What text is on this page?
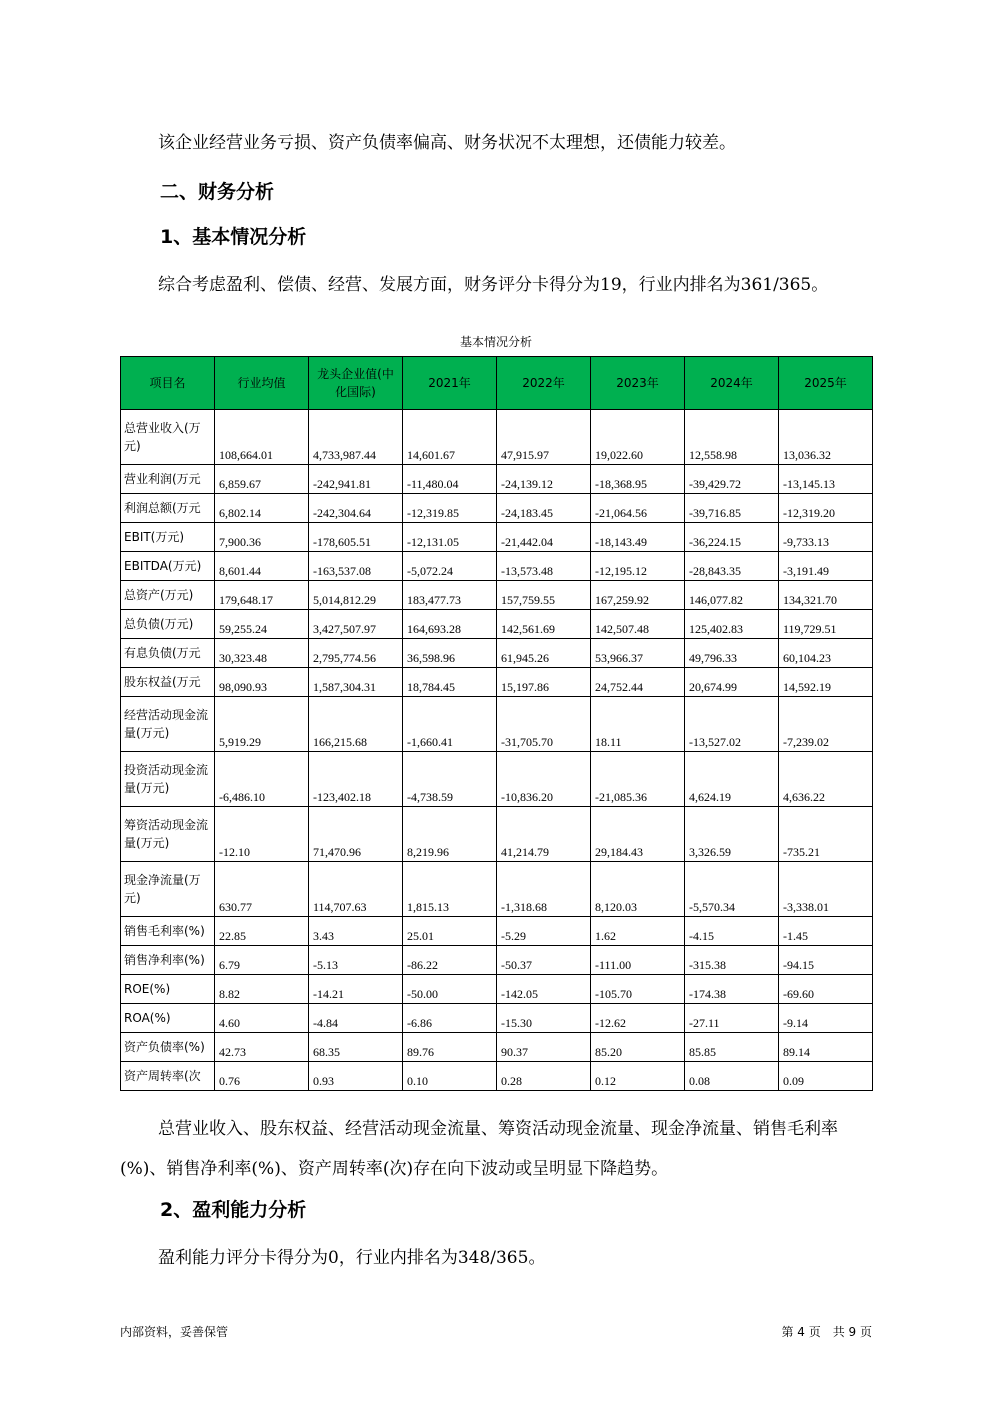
该企业经营业务亏损、资产负债率偏高、财务状况不太理想，还债能力较差。

二、财务分析
1、基本情况分析

综合考虑盈利、偿债、经营、发展方面，财务评分卡得分为19，行业内排名为361/365。

基本情况分析
项目名	行业均值	龙头企业值(中化国际)	2021年	2022年	2023年	2024年	2025年
总营业收入(万元)	108,664.01	4,733,987.44	14,601.67	47,915.97	19,022.60	12,558.98	13,036.32
营业利润(万元	6,859.67	-242,941.81	-11,480.04	-24,139.12	-18,368.95	-39,429.72	-13,145.13
利润总额(万元	6,802.14	-242,304.64	-12,319.85	-24,183.45	-21,064.56	-39,716.85	-12,319.20
EBIT(万元)	7,900.36	-178,605.51	-12,131.05	-21,442.04	-18,143.49	-36,224.15	-9,733.13
EBITDA(万元)	8,601.44	-163,537.08	-5,072.24	-13,573.48	-12,195.12	-28,843.35	-3,191.49
总资产(万元)	179,648.17	5,014,812.29	183,477.73	157,759.55	167,259.92	146,077.82	134,321.70
总负债(万元)	59,255.24	3,427,507.97	164,693.28	142,561.69	142,507.48	125,402.83	119,729.51
有息负债(万元	30,323.48	2,795,774.56	36,598.96	61,945.26	53,966.37	49,796.33	60,104.23
股东权益(万元	98,090.93	1,587,304.31	18,784.45	15,197.86	24,752.44	20,674.99	14,592.19
经营活动现金流量(万元)	5,919.29	166,215.68	-1,660.41	-31,705.70	18.11	-13,527.02	-7,239.02
投资活动现金流量(万元)	-6,486.10	-123,402.18	-4,738.59	-10,836.20	-21,085.36	4,624.19	4,636.22
筹资活动现金流量(万元)	-12.10	71,470.96	8,219.96	41,214.79	29,184.43	3,326.59	-735.21
现金净流量(万元)	630.77	114,707.63	1,815.13	-1,318.68	8,120.03	-5,570.34	-3,338.01
销售毛利率(%)	22.85	3.43	25.01	-5.29	1.62	-4.15	-1.45
销售净利率(%)	6.79	-5.13	-86.22	-50.37	-111.00	-315.38	-94.15
ROE(%)	8.82	-14.21	-50.00	-142.05	-105.70	-174.38	-69.60
ROA(%)	4.60	-4.84	-6.86	-15.30	-12.62	-27.11	-9.14
资产负债率(%)	42.73	68.35	89.76	90.37	85.20	85.85	89.14
资产周转率(次	0.76	0.93	0.10	0.28	0.12	0.08	0.09

总营业收入、股东权益、经营活动现金流量、筹资活动现金流量、现金净流量、销售毛利率(%)、销售净利率(%)、资产周转率(次)存在向下波动或呈明显下降趋势。

2、盈利能力分析

盈利能力评分卡得分为0，行业内排名为348/365。

内部资料，妥善保管	第 4 页　共 9 页
